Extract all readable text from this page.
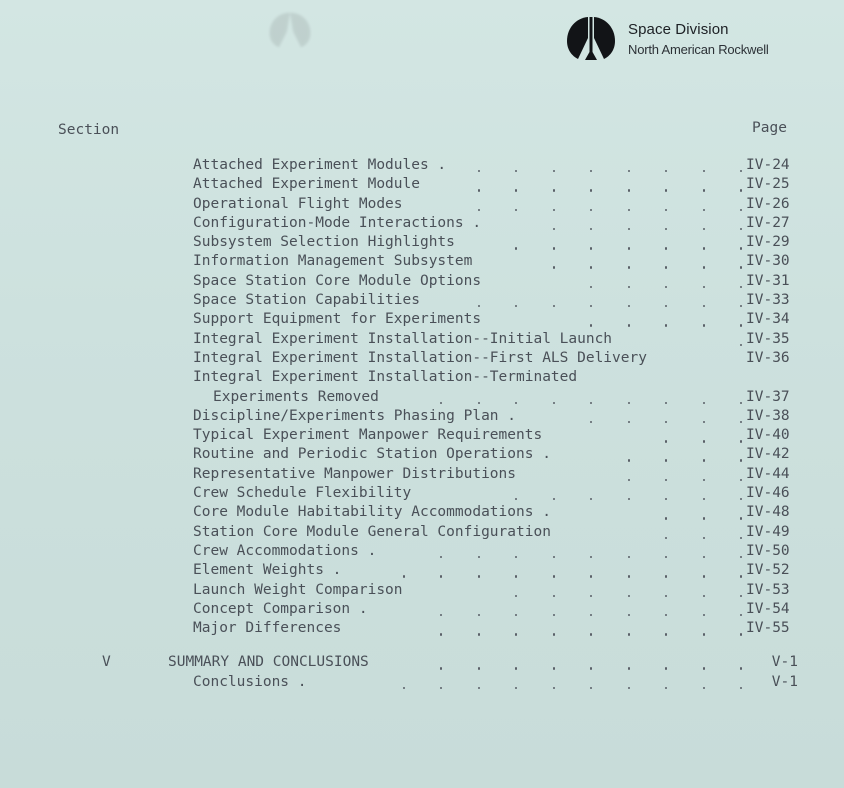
Space Division
North American Rockwell
Section	Page
Attached Experiment Modules .	IV-24
Attached Experiment Module	IV-25
Operational Flight Modes	IV-26
Configuration-Mode Interactions .	IV-27
Subsystem Selection Highlights	IV-29
Information Management Subsystem	IV-30
Space Station Core Module Options	IV-31
Space Station Capabilities	IV-33
Support Equipment for Experiments	IV-34
Integral Experiment Installation--Initial Launch	IV-35
Integral Experiment Installation--First ALS Delivery	IV-36
Integral Experiment Installation--Terminated
Experiments Removed	IV-37
Discipline/Experiments Phasing Plan .	IV-38
Typical Experiment Manpower Requirements	IV-40
Routine and Periodic Station Operations .	IV-42
Representative Manpower Distributions	IV-44
Crew Schedule Flexibility	IV-46
Core Module Habitability Accommodations .	IV-48
Station Core Module General Configuration	IV-49
Crew Accommodations .	IV-50
Element Weights .	IV-52
Launch Weight Comparison	IV-53
Concept Comparison .	IV-54
Major Differences	IV-55
V	SUMMARY AND CONCLUSIONS	V-1
Conclusions .	V-1
